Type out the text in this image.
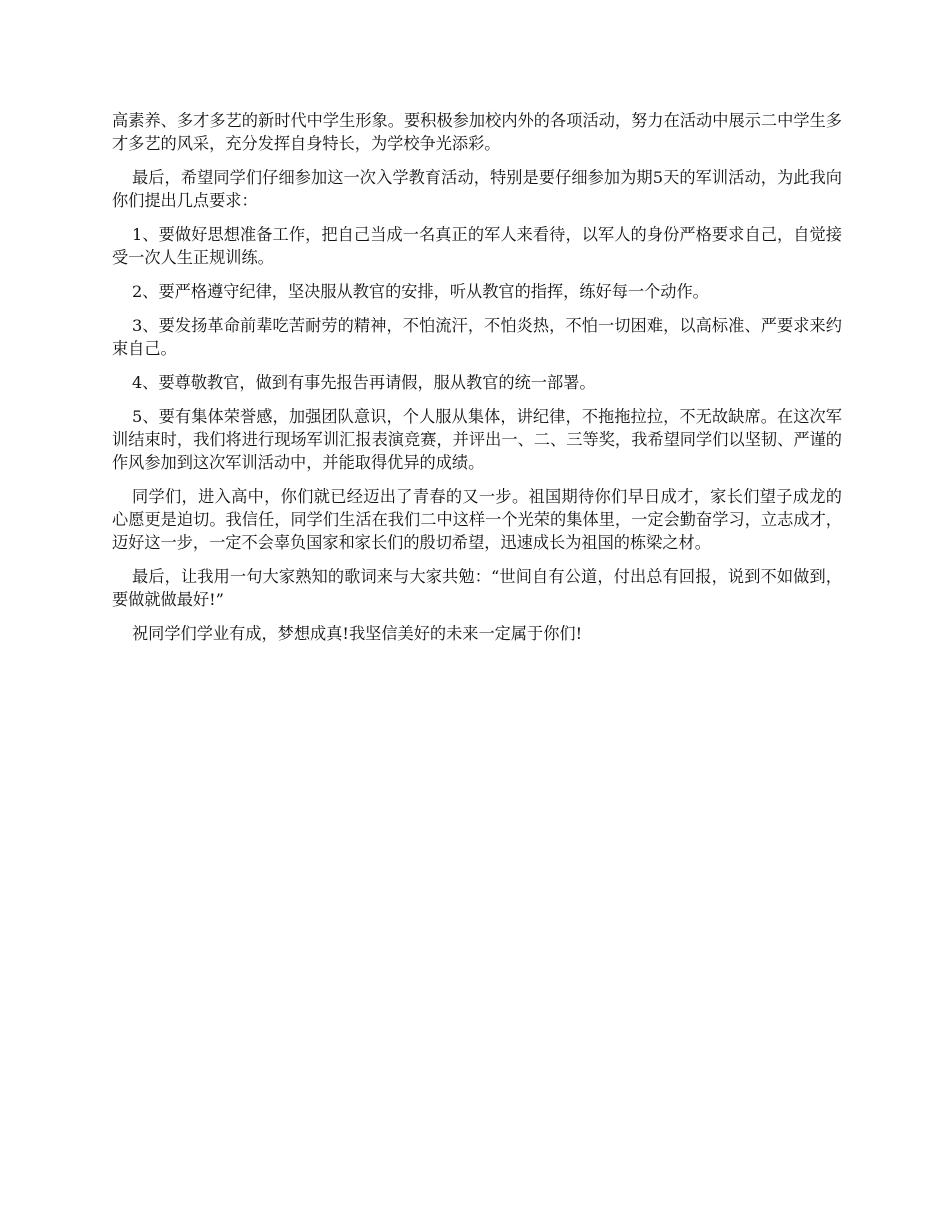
高素养、多才多艺的新时代中学生形象。要积极参加校内外的各项活动，努力在活动中展示二中学生多才多艺的风采，充分发挥自身特长，为学校争光添彩。

最后，希望同学们仔细参加这一次入学教育活动，特别是要仔细参加为期5天的军训活动，为此我向你们提出几点要求：

1、要做好思想准备工作，把自己当成一名真正的军人来看待，以军人的身份严格要求自己，自觉接受一次人生正规训练。

2、要严格遵守纪律，坚决服从教官的安排，听从教官的指挥，练好每一个动作。

3、要发扬革命前辈吃苦耐劳的精神，不怕流汗，不怕炎热，不怕一切困难，以高标准、严要求来约束自己。

4、要尊敬教官，做到有事先报告再请假，服从教官的统一部署。

5、要有集体荣誉感，加强团队意识，个人服从集体，讲纪律，不拖拖拉拉，不无故缺席。在这次军训结束时，我们将进行现场军训汇报表演竞赛，并评出一、二、三等奖，我希望同学们以坚韧、严谨的作风参加到这次军训活动中，并能取得优异的成绩。

同学们，进入高中，你们就已经迈出了青春的又一步。祖国期待你们早日成才，家长们望子成龙的心愿更是迫切。我信任，同学们生活在我们二中这样一个光荣的集体里，一定会勤奋学习，立志成才，迈好这一步，一定不会辜负国家和家长们的殷切希望，迅速成长为祖国的栋梁之材。

最后，让我用一句大家熟知的歌词来与大家共勉：“世间自有公道，付出总有回报，说到不如做到，要做就做最好!”

祝同学们学业有成，梦想成真!我坚信美好的未来一定属于你们!
